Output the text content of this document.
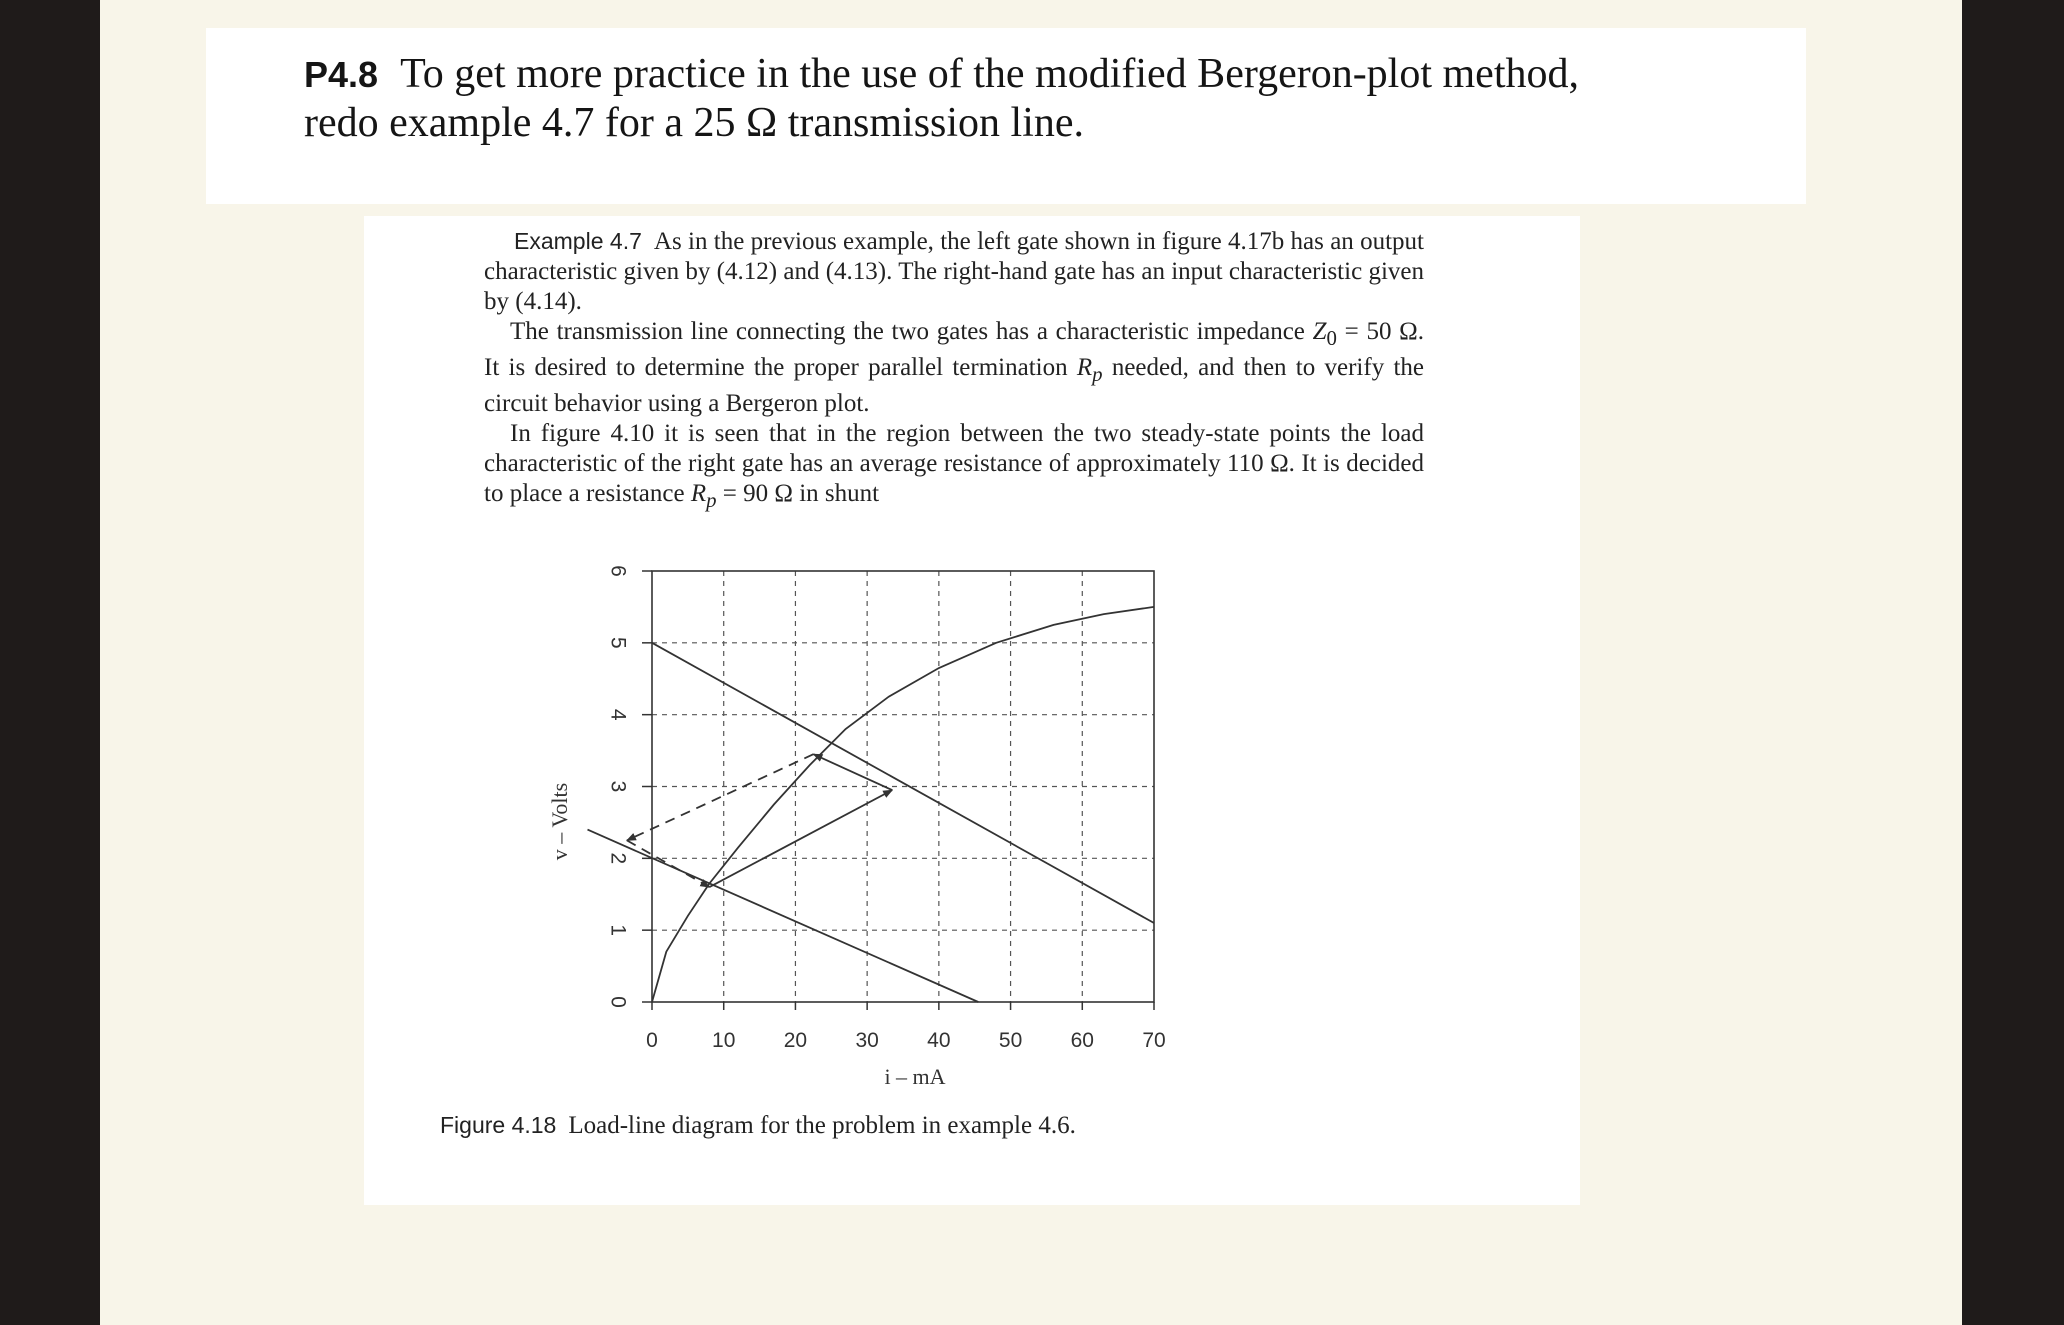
P4.8 To get more practice in the use of the modified Bergeron-plot method,
redo example 4.7 for a 25 Ω transmission line.

Example 4.7 As in the previous example, the left gate shown in figure 4.17b has an output characteristic given by (4.12) and (4.13). The right-hand gate has an input characteristic given by (4.14).

The transmission line connecting the two gates has a characteristic impedance $Z_0 = 50$ Ω. It is desired to determine the proper parallel termination $R_p$ needed, and then to verify the circuit behavior using a Bergeron plot.

In figure 4.10 it is seen that in the region between the two steady-state points the load characteristic of the right gate has an average resistance of approximately 110 Ω. It is decided to place a resistance $R_p = 90$ Ω in shunt

0	10 20 30 40 50 60 70
0
1
2
3
4
5
6
i – mA
v – Volts
Figure 4.18 Load-line diagram for the problem in example 4.6.
